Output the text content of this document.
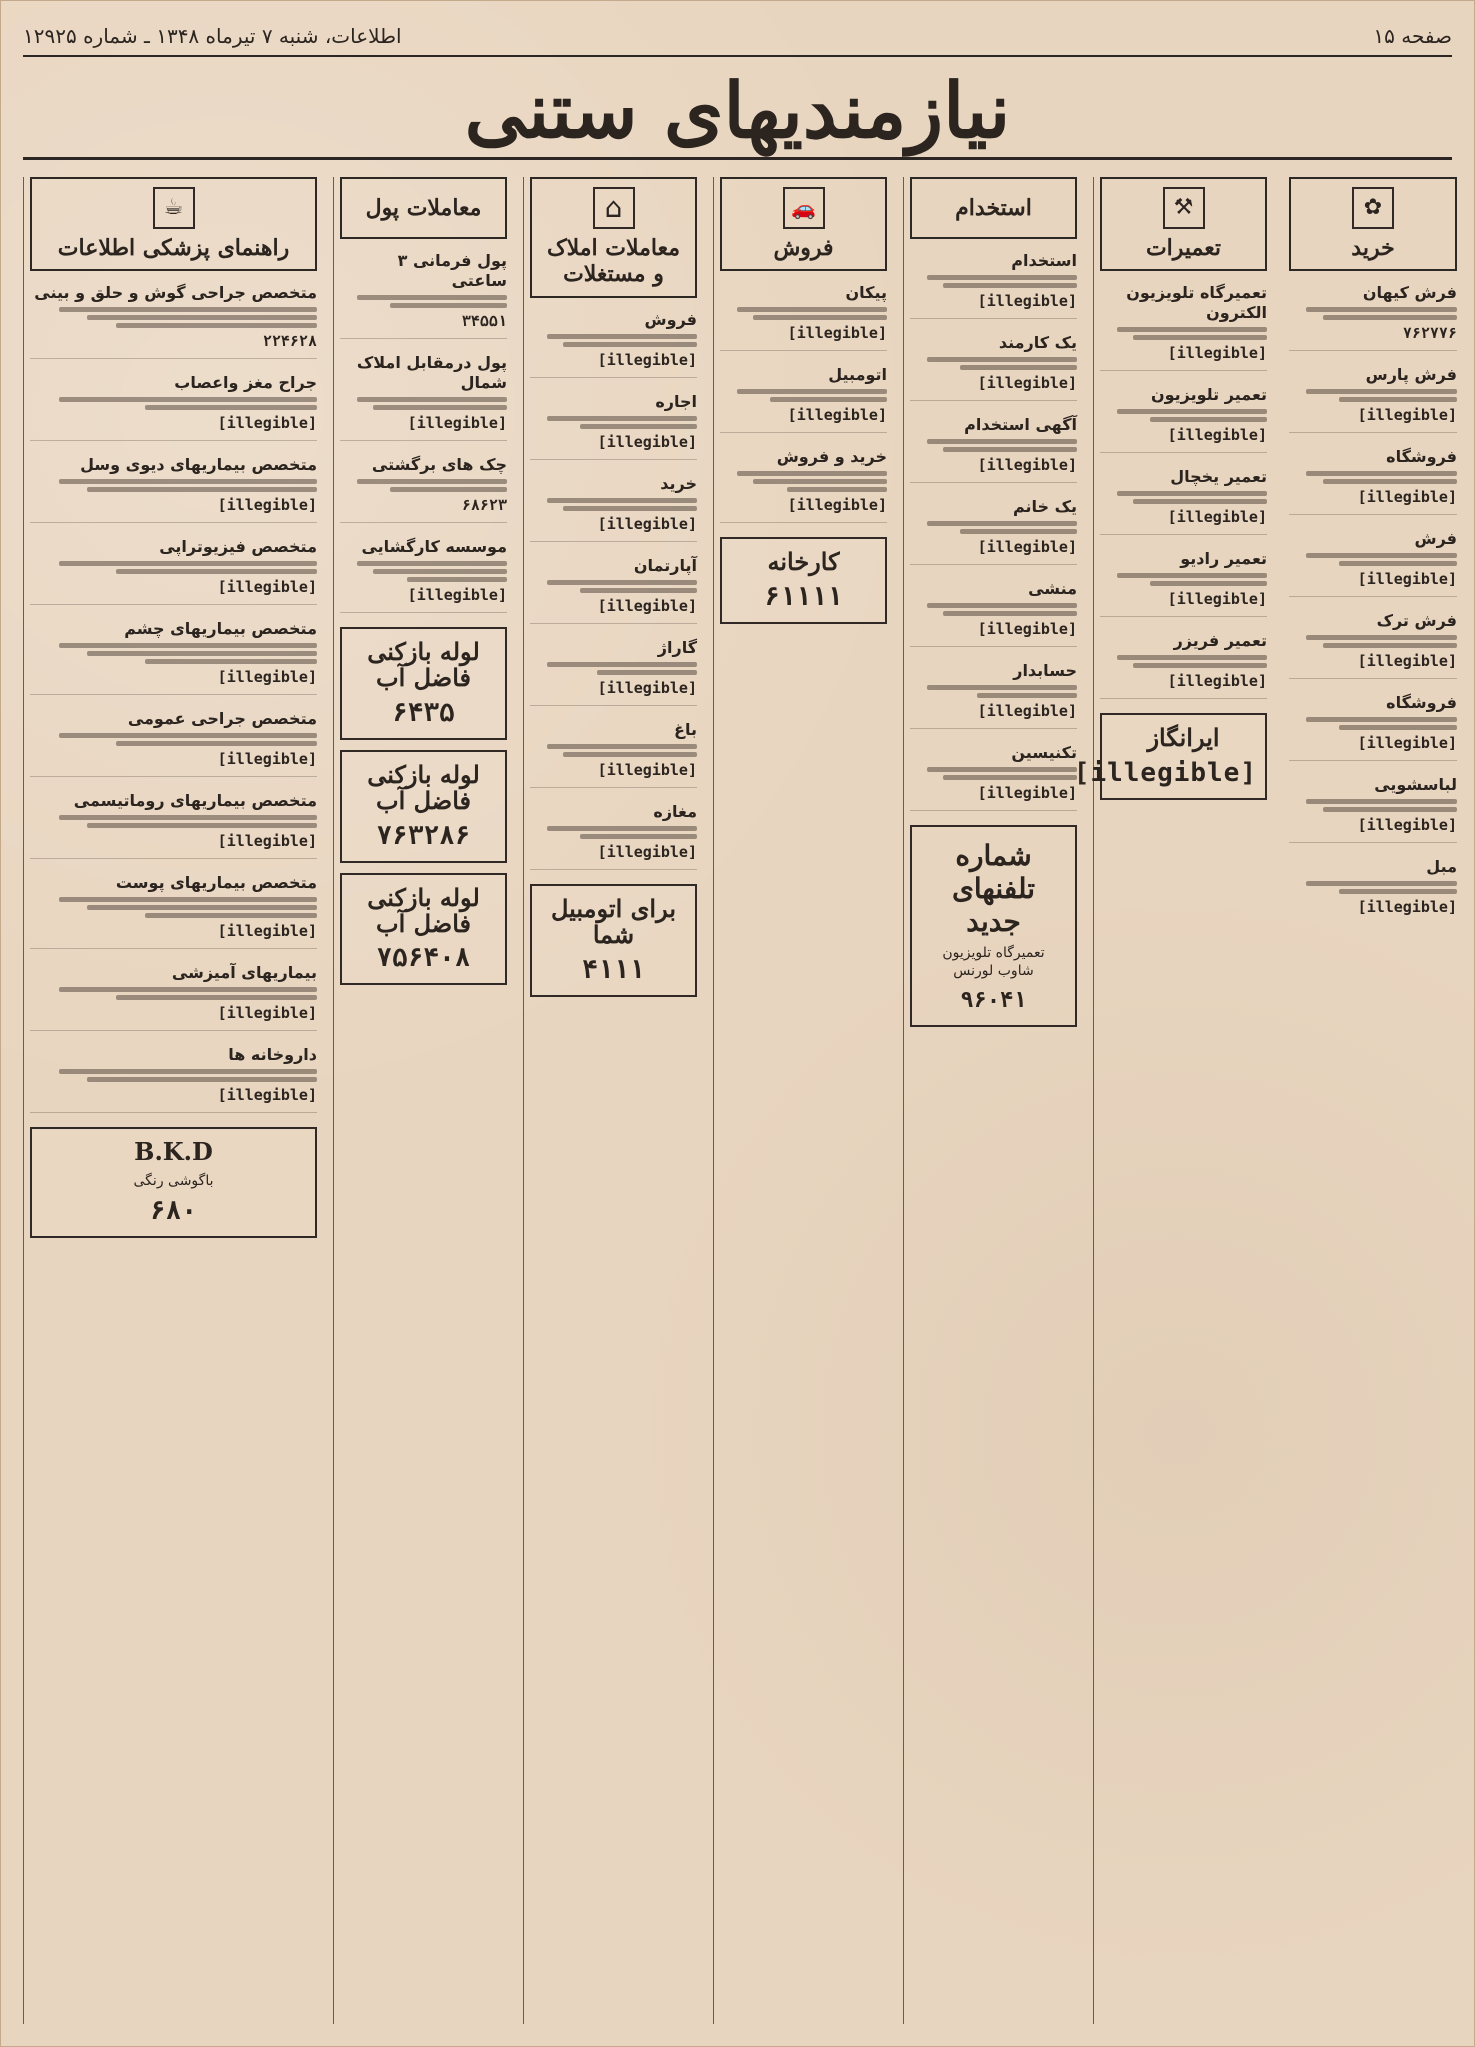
صفحه ۱۵
اطلاعات، شنبه ۷ تیرماه ۱۳۴۸ ـ شماره ۱۲۹۲۵
نیازمندیهای ستنی
☕
راهنمای پزشکی اطلاعات
متخصص جراحی گوش و حلق و بینی
۲۲۴۶۲۸
جراح مغز واعصاب
[illegible]
متخصص بیماریهای دیوی وسل
[illegible]
متخصص فیزیوتراپی
[illegible]
متخصص بیماریهای چشم
[illegible]
متخصص جراحی عمومی
[illegible]
متخصص بیماریهای روماتیسمی
[illegible]
متخصص بیماریهای پوست
[illegible]
بیماریهای آمیزشی
[illegible]
داروخانه ها
[illegible]
B.K.D
باگوشی رنگی
۶۸۰
معاملات پول
پول فرمانی ۳ ساعتی
۳۴۵۵۱
پول درمقابل املاک شمال
[illegible]
چک های برگشتی
۶۸۶۲۳
موسسه کارگشایی
[illegible]
لوله بازکنی فاضل آب
۶۴۳۵
لوله بازکنی فاضل آب
۷۶۳۲۸۶
لوله بازکنی فاضل آب
۷۵۶۴۰۸
⌂
معاملات املاک و مستغلات
فروش
[illegible]
اجاره
[illegible]
خرید
[illegible]
آپارتمان
[illegible]
گاراژ
[illegible]
باغ
[illegible]
مغازه
[illegible]
برای اتومبیل شما
۴۱۱۱
🚗
فروش
پیکان
[illegible]
اتومبیل
[illegible]
خرید و فروش
[illegible]
کارخانه
۶۱۱۱۱
استخدام
استخدام
[illegible]
یک کارمند
[illegible]
آگهی استخدام
[illegible]
یک خانم
[illegible]
منشی
[illegible]
حسابدار
[illegible]
تکنیسین
[illegible]
شماره تلفنهای جدید
تعمیرگاه تلویزیون شاوب لورنس
۹۶۰۴۱
⚒
تعمیرات
تعمیرگاه تلویزیون الکترون
[illegible]
تعمیر تلویزیون
[illegible]
تعمیر یخچال
[illegible]
تعمیر رادیو
[illegible]
تعمیر فریزر
[illegible]
ایرانگاز
[illegible]
✿
خرید
فرش کیهان
۷۶۲۷۷۶
فرش پارس
[illegible]
فروشگاه
[illegible]
فرش
[illegible]
فرش ترک
[illegible]
فروشگاه
[illegible]
لباسشویی
[illegible]
مبل
[illegible]
